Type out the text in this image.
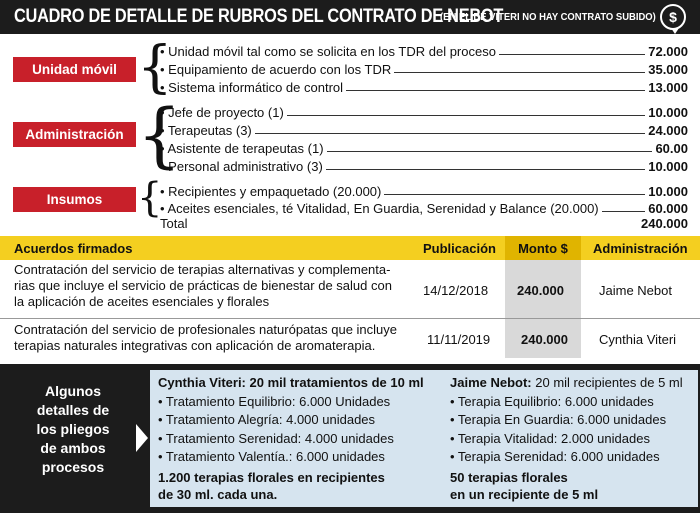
CUADRO DE DETALLE DE RUBROS DEL CONTRATO DE NEBOT
(EN EL DE VITERI NO HAY CONTRATO SUBIDO) $
Unidad móvil {
• Unidad móvil tal como se solicita en los TDR del proceso	72.000
• Equipamiento de acuerdo con los TDR	35.000
• Sistema informático de control	13.000
Administración {
• Jefe de proyecto (1)	10.000
• Terapeutas (3)	24.000
• Asistente de terapeutas (1)	60.00
• Personal administrativo (3)	10.000
Insumos {
• Recipientes y empaquetado (20.000)	10.000
• Aceites esenciales, té Vitalidad, En Guardia, Serenidad y Balance (20.000)	60.000
Total	240.000
Acuerdos firmados	Publicación Monto $ Administración
Contratación del servicio de terapias alternativas y complementa-
rias que incluye el servicio de prácticas de bienestar de salud con
la aplicación de aceites esenciales y florales
14/12/2018 240.000	Jaime Nebot
Contratación del servicio de profesionales naturópatas que incluye
terapias naturales integrativas con aplicación de aromaterapia.	11/11/2019 240.000 Cynthia Viteri
Algunos
detalles de
los pliegos
de ambos
procesos
Cynthia Viteri: 20 mil tratamientos de 10 ml
• Tratamiento Equilibrio: 6.000 Unidades
• Tratamiento Alegría: 4.000 unidades
• Tratamiento Serenidad: 4.000 unidades
• Tratamiento Valentía.: 6.000 unidades
1.200 terapias florales en recipientes
de 30 ml. cada una.
Jaime Nebot: 20 mil recipientes de 5 ml
• Terapia Equilibrio: 6.000 unidades
• Terapia En Guardia: 6.000 unidades
• Terapia Vitalidad: 2.000 unidades
• Terapia Serenidad: 6.000 unidades
50 terapias florales
en un recipiente de 5 ml
